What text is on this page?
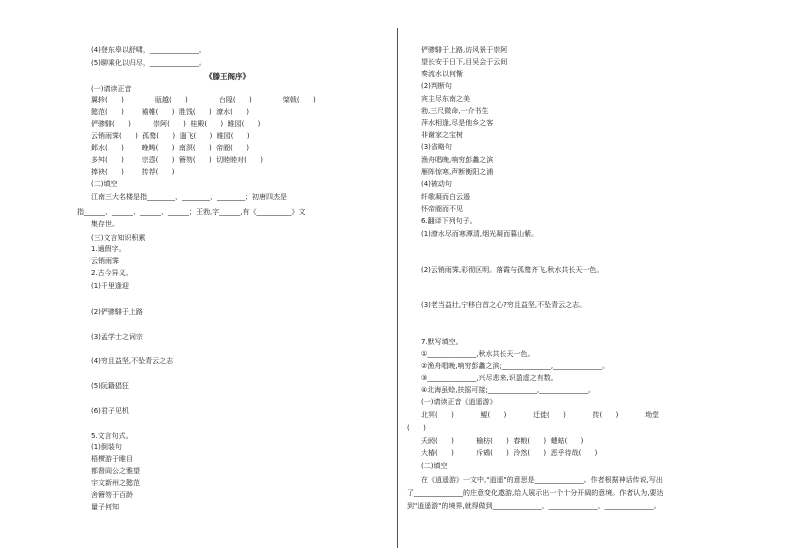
(4)登东皋以舒啸，______________。
(5)聊乘化以归尽，______________。
《滕王阁序》
(一)请读正音
翼轸(      )              瓯越(      )              台隍(      )              棨戟(      )
懿范(      )        襜帷(      )  胜饯(      )  潦水(      )
俨骖騑(      )          崇阿(      )  桂殿(      )  睢园(      )
云销雨霁(      )  孤鹜(      )  遄飞(      )  睢园(      )
邺水(      )        晚畴(      )  南溟(      )  帝阍(      )
多舛(      )        宗悫(      )  簪笏(      )  切睦睦对(      )
捧袂(      )        抟荐(      )
(二)填空
江南三大名楼是指________、________、________；初唐四杰是
指______、______、______、______；王勃,字______,有《__________》文
集存世。
(三)文言知识积累
1.通假字。
云销雨霁
2.古今异义。
(1)千里逢迎
(2)俨骖騑于上路
(3)孟学士之词宗
(4)穷且益坚,不坠青云之志
(5)阮籍猖狂
(6)君子见机
5.文言句式。
(1)倒装句
梧槚游于睢目
都督阎公之雅望
宇文新州之懿范
舍簪笏于百龄
量子何知
俨骖騑于上路,访风景于崇阿
望长安于日下,目吴会于云间
奏流水以何惭
(2)判断句
宾主尽东南之美
勃,三尺微命,一介书生
萍水相逢,尽是他乡之客
非谢家之宝树
(3)省略句
渔舟唱晚,响穷彭蠡之滨
雁阵惊寒,声断衡阳之浦
(4)被动句
纤歌凝而白云遏
怀帝阍而不见
6.翻译下列句子。
(1)潦水尽而寒潭清,烟光凝而暮山紫。
(2)云销雨霁,彩彻区明。落霞与孤鹜齐飞,秋水共长天一色。
(3)老当益壮,宁移白首之心?穷且益坚,不坠青云之志。
7.默写填空。
①______________,秋水共长天一色。
②渔舟唱晚,响穷彭蠡之滨;______________,______________。
③______________,兴尽悲来,识盈虚之有数。
④北海虽赊,扶摇可接;______________,______________。
(一)请读正音《逍遥游》
北冥(      )            鲲(      )            迁徙(      )            抟(      )            坳堂
(      )
夭阏(      )          榆枋(      )  舂粮(      )  蟪蛄(      )
大椿(      )          斥鴳(      )  泠然(      )  恶乎待哉(      )
(二)填空
在《逍遥游》一文中,"逍遥"的意思是______________。作者根据神话传说,写出
了______________的庄意变化遨游,给人展示出一个十分开阔的意境。作者认为,要达
到"逍遥游"的境界,就得做到______________、______________、______________。
